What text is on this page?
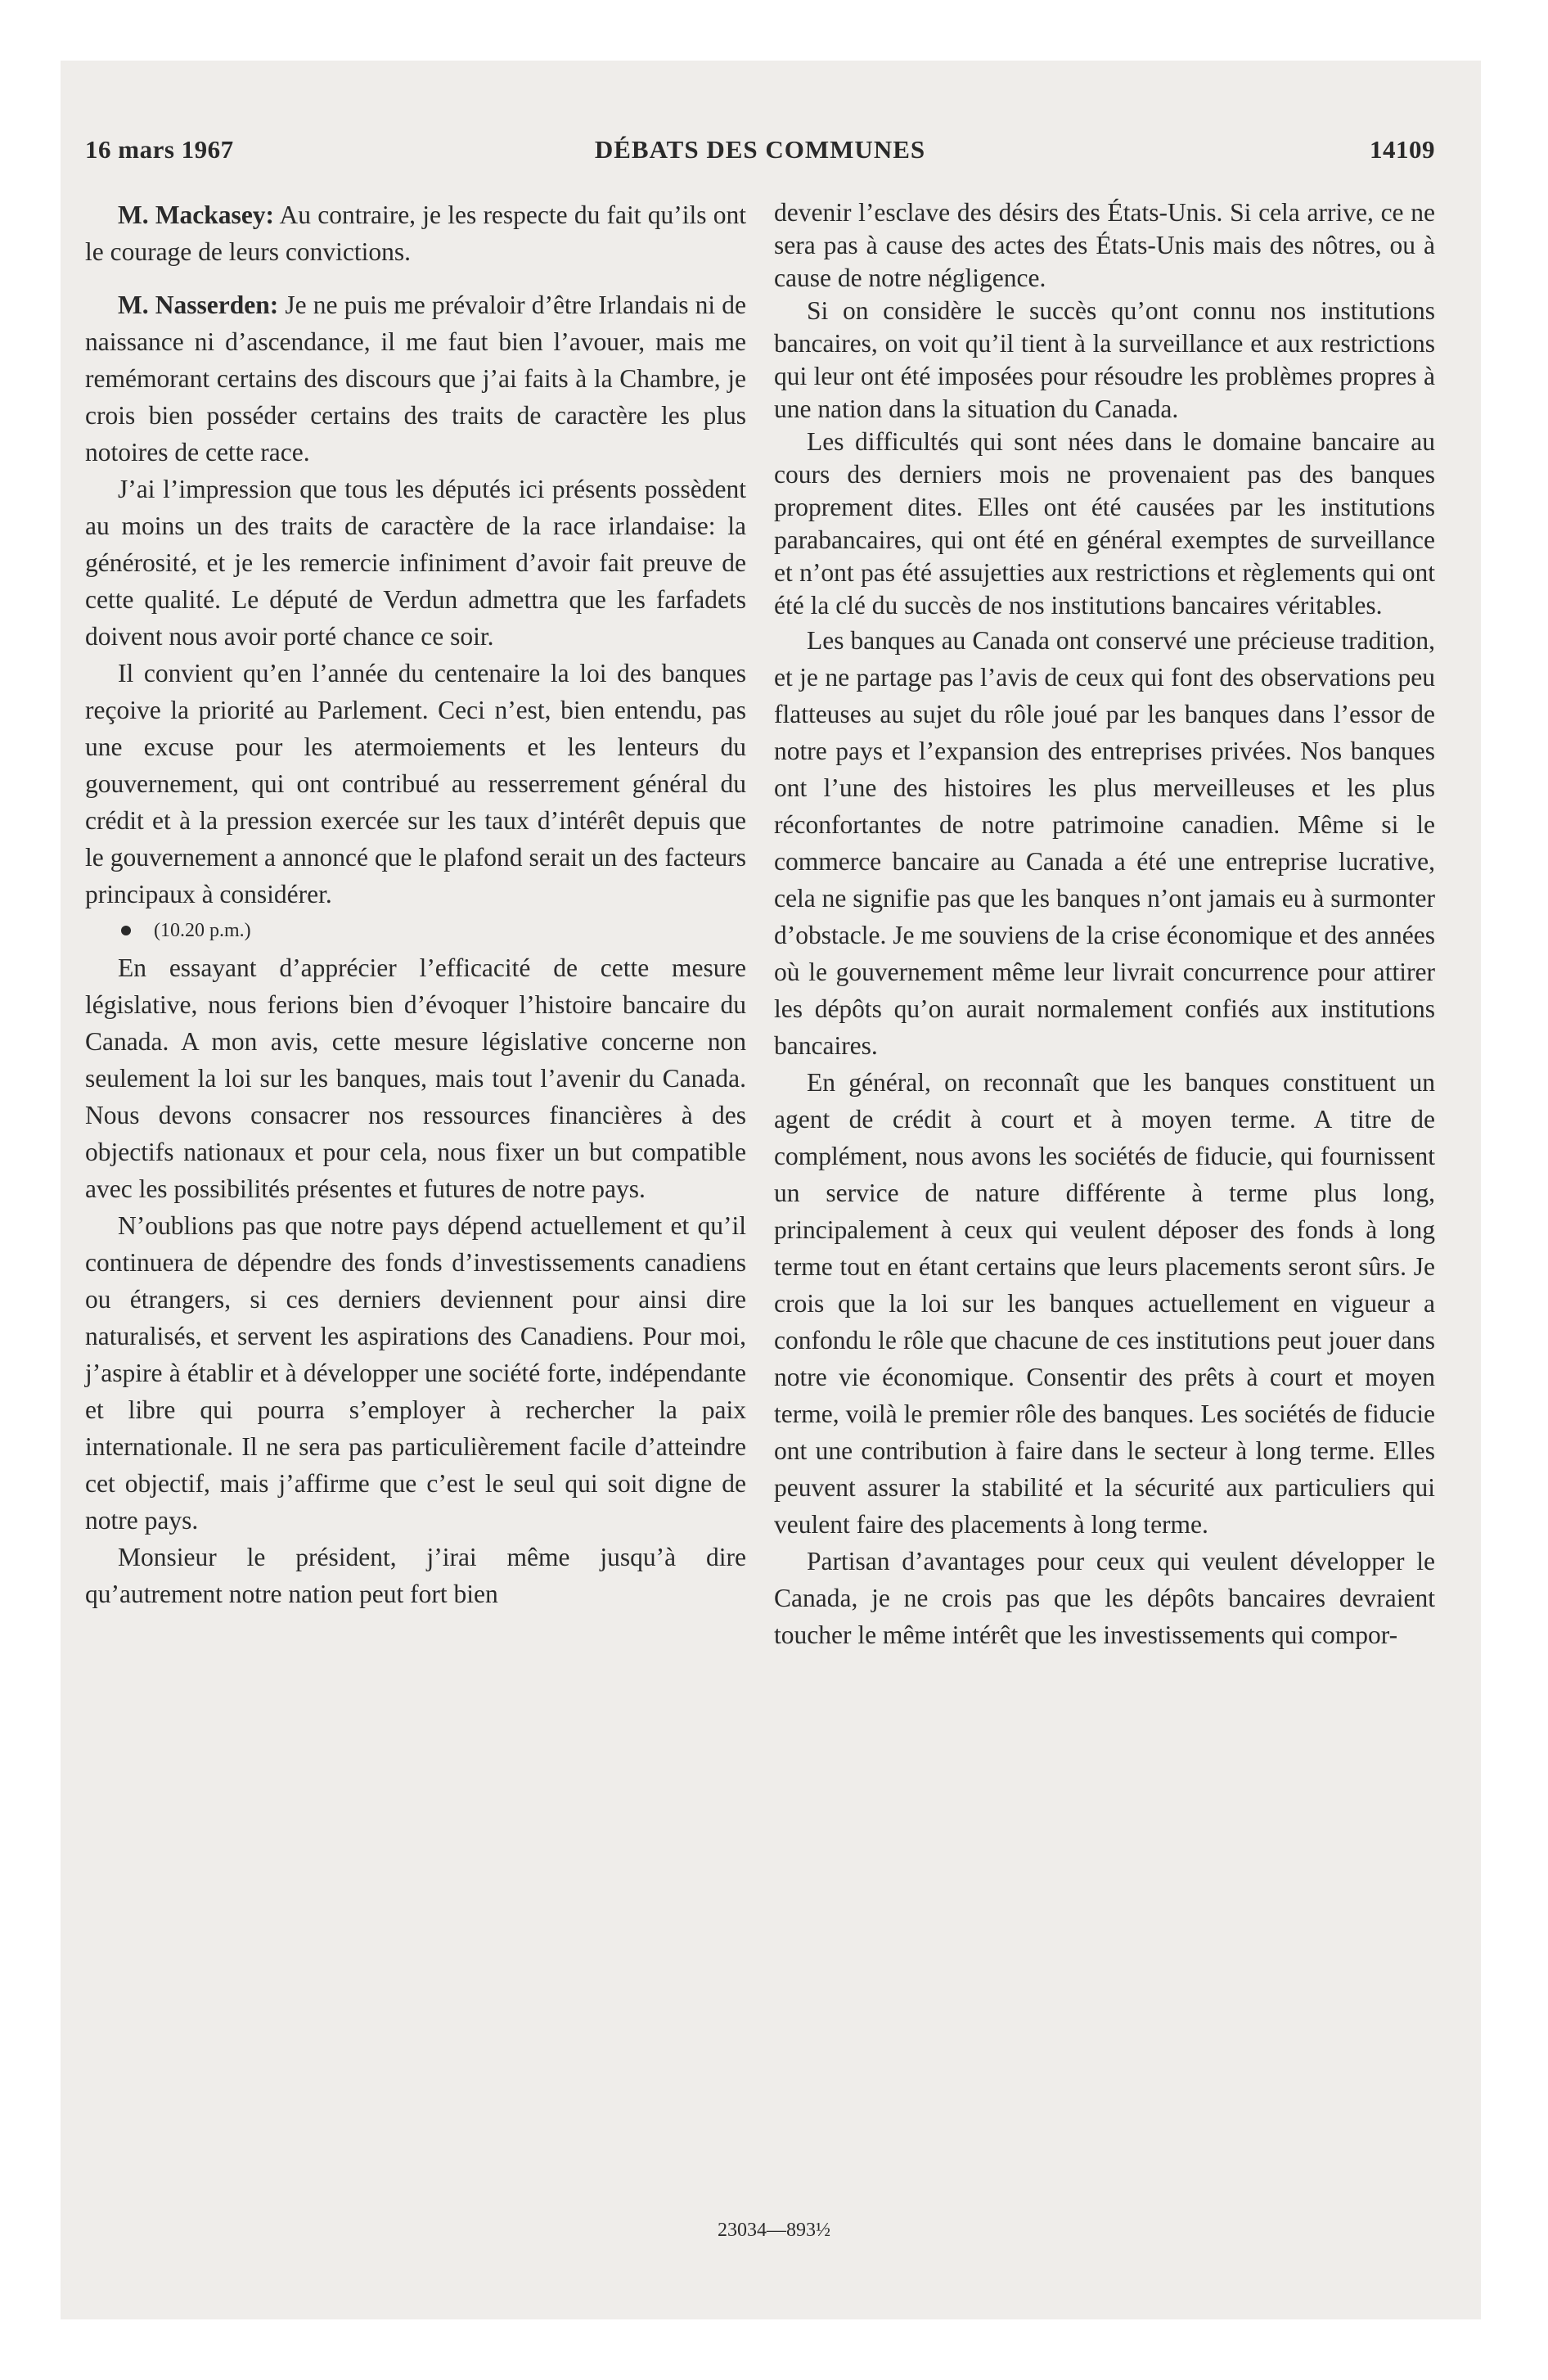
16 mars 1967	DÉBATS DES COMMUNES	14109

M. Mackasey: Au contraire, je les respecte du fait qu’ils ont le courage de leurs convictions.

M. Nasserden: Je ne puis me prévaloir d’être Irlandais ni de naissance ni d’ascendance, il me faut bien l’avouer, mais me remémorant certains des discours que j’ai faits à la Chambre, je crois bien posséder certains des traits de caractère les plus notoires de cette race.

J’ai l’impression que tous les députés ici présents possèdent au moins un des traits de caractère de la race irlandaise: la générosité, et je les remercie infiniment d’avoir fait preuve de cette qualité. Le député de Verdun admettra que les farfadets doivent nous avoir porté chance ce soir.

Il convient qu’en l’année du centenaire la loi des banques reçoive la priorité au Parlement. Ceci n’est, bien entendu, pas une excuse pour les atermoiements et les lenteurs du gouvernement, qui ont contribué au resserrement général du crédit et à la pression exercée sur les taux d’intérêt depuis que le gouvernement a annoncé que le plafond serait un des facteurs principaux à considérer.

(10.20 p.m.)

En essayant d’apprécier l’efficacité de cette mesure législative, nous ferions bien d’évoquer l’histoire bancaire du Canada. A mon avis, cette mesure législative concerne non seulement la loi sur les banques, mais tout l’avenir du Canada. Nous devons consacrer nos ressources financières à des objectifs nationaux et pour cela, nous fixer un but compatible avec les possibilités présentes et futures de notre pays.

N’oublions pas que notre pays dépend actuellement et qu’il continuera de dépendre des fonds d’investissements canadiens ou étrangers, si ces derniers deviennent pour ainsi dire naturalisés, et servent les aspirations des Canadiens. Pour moi, j’aspire à établir et à développer une société forte, indépendante et libre qui pourra s’employer à rechercher la paix internationale. Il ne sera pas particulièrement facile d’atteindre cet objectif, mais j’affirme que c’est le seul qui soit digne de notre pays.

Monsieur le président, j’irai même jusqu’à dire qu’autrement notre nation peut fort bien

devenir l’esclave des désirs des États-Unis. Si cela arrive, ce ne sera pas à cause des actes des États-Unis mais des nôtres, ou à cause de notre négligence.

Si on considère le succès qu’ont connu nos institutions bancaires, on voit qu’il tient à la surveillance et aux restrictions qui leur ont été imposées pour résoudre les problèmes propres à une nation dans la situation du Canada.

Les difficultés qui sont nées dans le domaine bancaire au cours des derniers mois ne provenaient pas des banques proprement dites. Elles ont été causées par les institutions parabancaires, qui ont été en général exemptes de surveillance et n’ont pas été assujetties aux restrictions et règlements qui ont été la clé du succès de nos institutions bancaires véritables.

Les banques au Canada ont conservé une précieuse tradition, et je ne partage pas l’avis de ceux qui font des observations peu flatteuses au sujet du rôle joué par les banques dans l’essor de notre pays et l’expansion des entreprises privées. Nos banques ont l’une des histoires les plus merveilleuses et les plus réconfortantes de notre patrimoine canadien. Même si le commerce bancaire au Canada a été une entreprise lucrative, cela ne signifie pas que les banques n’ont jamais eu à surmonter d’obstacle. Je me souviens de la crise économique et des années où le gouvernement même leur livrait concurrence pour attirer les dépôts qu’on aurait normalement confiés aux institutions bancaires.

En général, on reconnaît que les banques constituent un agent de crédit à court et à moyen terme. A titre de complément, nous avons les sociétés de fiducie, qui fournissent un service de nature différente à terme plus long, principalement à ceux qui veulent déposer des fonds à long terme tout en étant certains que leurs placements seront sûrs. Je crois que la loi sur les banques actuellement en vigueur a confondu le rôle que chacune de ces institutions peut jouer dans notre vie économique. Consentir des prêts à court et moyen terme, voilà le premier rôle des banques. Les sociétés de fiducie ont une contribution à faire dans le secteur à long terme. Elles peuvent assurer la stabilité et la sécurité aux particuliers qui veulent faire des placements à long terme.

Partisan d’avantages pour ceux qui veulent développer le Canada, je ne crois pas que les dépôts bancaires devraient toucher le même intérêt que les investissements qui compor-

23034—893½
